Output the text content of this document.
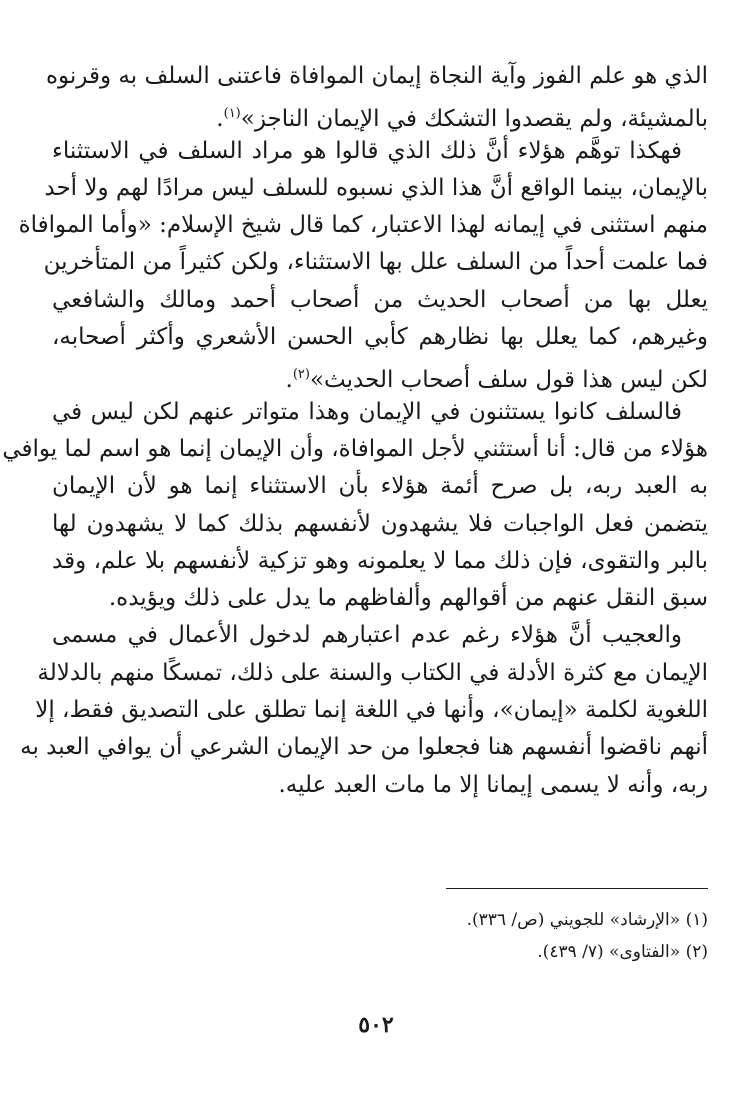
الذي هو علم الفوز وآية النجاة إيمان الموافاة فاعتنى السلف به وقرنوه
بالمشيئة، ولم يقصدوا التشكك في الإيمان الناجز»$^{(١)}$.
فهكذا توهَّم هؤلاء أنَّ ذلك الذي قالوا هو مراد السلف في الاستثناء
بالإيمان، بينما الواقع أنَّ هذا الذي نسبوه للسلف ليس مرادًا لهم ولا أحد
منهم استثنى في إيمانه لهذا الاعتبار، كما قال شيخ الإسلام: «وأما الموافاة
فما علمت أحداً من السلف علل بها الاستثناء، ولكن كثيراً من المتأخرين
يعلل بها من أصحاب الحديث من أصحاب أحمد ومالك والشافعي
وغيرهم، كما يعلل بها نظارهم كأبي الحسن الأشعري وأكثر أصحابه،
لكن ليس هذا قول سلف أصحاب الحديث»$^{(٢)}$.
فالسلف كانوا يستثنون في الإيمان وهذا متواتر عنهم لكن ليس في
هؤلاء من قال: أنا أستثني لأجل الموافاة، وأن الإيمان إنما هو اسم لما يوافي
به العبد ربه، بل صرح أئمة هؤلاء بأن الاستثناء إنما هو لأن الإيمان
يتضمن فعل الواجبات فلا يشهدون لأنفسهم بذلك كما لا يشهدون لها
بالبر والتقوى، فإن ذلك مما لا يعلمونه وهو تزكية لأنفسهم بلا علم، وقد
سبق النقل عنهم من أقوالهم وألفاظهم ما يدل على ذلك ويؤيده.
والعجيب أنَّ هؤلاء رغم عدم اعتبارهم لدخول الأعمال في مسمى
الإيمان مع كثرة الأدلة في الكتاب والسنة على ذلك، تمسكًا منهم بالدلالة
اللغوية لكلمة «إيمان»، وأنها في اللغة إنما تطلق على التصديق فقط، إلا
أنهم ناقضوا أنفسهم هنا فجعلوا من حد الإيمان الشرعي أن يوافي العبد به
ربه، وأنه لا يسمى إيمانا إلا ما مات العبد عليه.
(١) «الإرشاد» للجويني (ص/ ٣٣٦).
(٢) «الفتاوى» (٧/ ٤٣٩).
٥٠٢
